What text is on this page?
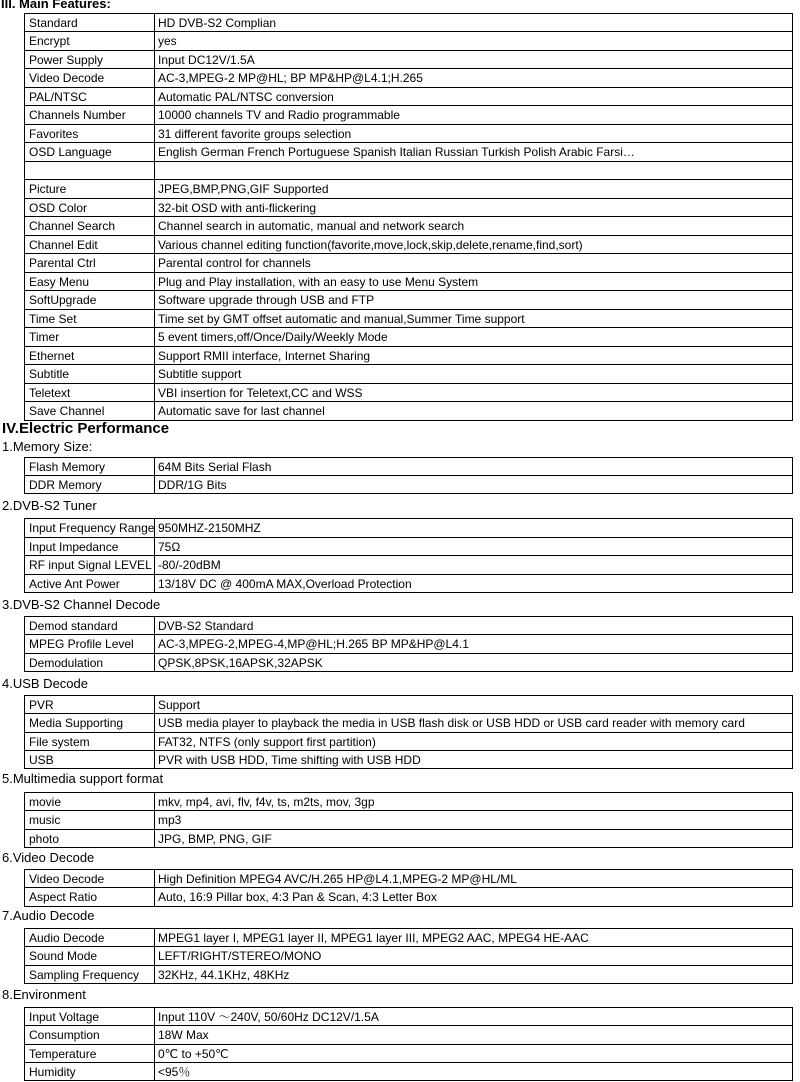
III. Main Features:
Standard	HD DVB-S2 Complian
Encrypt	yes
Power Supply	Input DC12V/1.5A
Video Decode	AC-3,MPEG-2 MP@HL; BP MP&HP@L4.1;H.265
PAL/NTSC	Automatic PAL/NTSC conversion
Channels Number	10000 channels TV and Radio programmable
Favorites	31 different favorite groups selection
OSD Language	English German French Portuguese Spanish Italian Russian Turkish Polish Arabic Farsi…
Picture	JPEG,BMP,PNG,GIF Supported
OSD Color	32-bit OSD with anti-flickering
Channel Search	Channel search in automatic, manual and network search
Channel Edit	Various channel editing function(favorite,move,lock,skip,delete,rename,find,sort)
Parental Ctrl	Parental control for channels
Easy Menu	Plug and Play installation, with an easy to use Menu System
SoftUpgrade	Software upgrade through USB and FTP
Time Set	Time set by GMT offset automatic and manual,Summer Time support
Timer	5 event timers,off/Once/Daily/Weekly Mode
Ethernet	Support RMII interface, Internet Sharing
Subtitle	Subtitle support
Teletext	VBI insertion for Teletext,CC and WSS
Save Channel	Automatic save for last channel
IV.Electric Performance
1.Memory Size:
Flash Memory	64M Bits Serial Flash
DDR Memory	DDR/1G Bits
2.DVB-S2 Tuner
Input Frequency Range 950MHZ-2150MHZ
Input Impedance	75Ω
RF input Signal LEVEL -80/-20dBM
Active Ant Power	13/18V DC @ 400mA MAX,Overload Protection
3.DVB-S2 Channel Decode
Demod standard	DVB-S2 Standard
MPEG Profile Level	AC-3,MPEG-2,MPEG-4,MP@HL;H.265 BP MP&HP@L4.1
Demodulation	QPSK,8PSK,16APSK,32APSK
4.USB Decode
PVR	Support
Media Supporting	USB media player to playback the media in USB flash disk or USB HDD or USB card reader with memory card
File system	FAT32, NTFS (only support first partition)
USB	PVR with USB HDD, Time shifting with USB HDD
5.Multimedia support format
movie	mkv, mp4, avi, flv, f4v, ts, m2ts, mov, 3gp
music	mp3
photo	JPG, BMP, PNG, GIF
6.Video Decode
Video Decode	High Definition MPEG4 AVC/H.265 HP@L4.1,MPEG-2 MP@HL/ML
Aspect Ratio	Auto, 16:9 Pillar box, 4:3 Pan & Scan, 4:3 Letter Box
7.Audio Decode
Audio Decode	MPEG1 layer I, MPEG1 layer II, MPEG1 layer III, MPEG2 AAC, MPEG4 HE-AAC
Sound Mode	LEFT/RIGHT/STEREO/MONO
Sampling Frequency	32KHz, 44.1KHz, 48KHz
8.Environment
Input Voltage	Input 110V ～240V, 50/60Hz DC12V/1.5A
Consumption	18W Max
Temperature	0℃ to +50℃
Humidity	<95％
